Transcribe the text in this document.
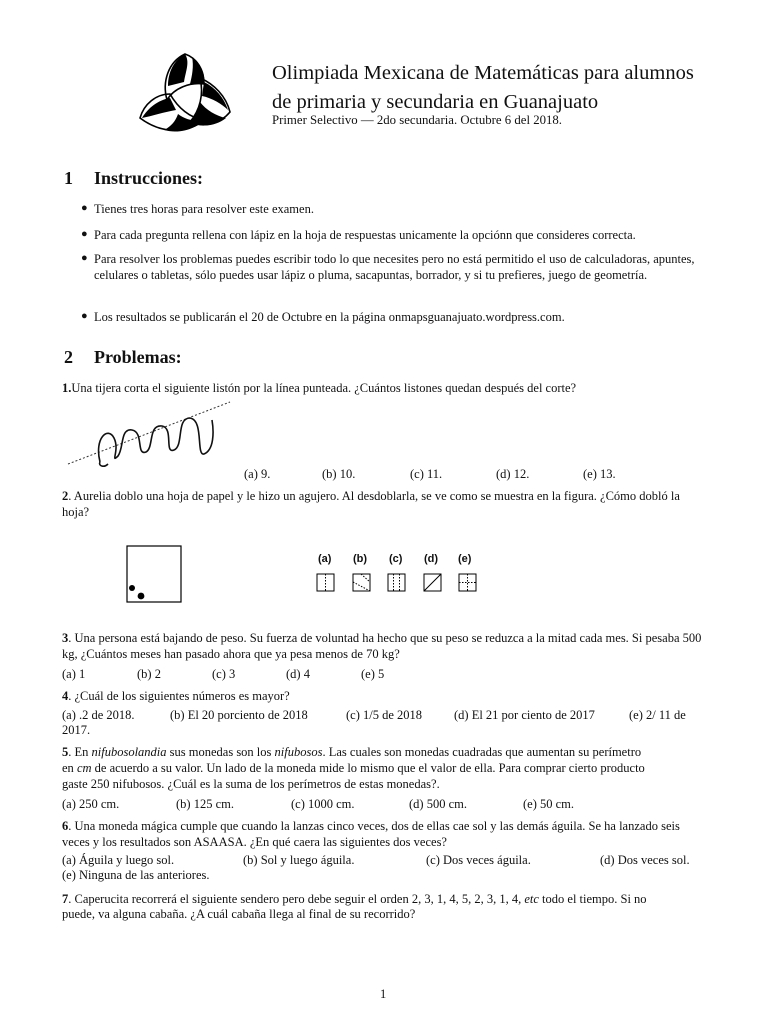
Olimpiada Mexicana de Matemáticas para alumnos
de primaria y secundaria en Guanajuato
Primer Selectivo — 2do secundaria. Octubre 6 del 2018.
1 Instrucciones:
● Tienes tres horas para resolver este examen.
● Para cada pregunta rellena con lápiz en la hoja de respuestas unicamente la opciónn que consideres correcta.
● Para resolver los problemas puedes escribir todo lo que necesites pero no está permitido el uso de calculadoras, apuntes, celulares o tabletas, sólo puedes usar lápiz o pluma, sacapuntas, borrador, y si tu prefieres, juego de geometría.
● Los resultados se publicarán el 20 de Octubre en la página onmapsguanajuato.wordpress.com.
2 Problemas:
1.Una tijera corta el siguiente listón por la línea punteada. ¿Cuántos listones quedan después del corte?
(a) 9.	(b) 10.	(c) 11.	(d) 12.	(e) 13.
2. Aurelia doblo una hoja de papel y le hizo un agujero. Al desdoblarla, se ve como se muestra en la figura. ¿Cómo dobló la hoja?
(a) (b) (c) (d) (e)
3. Una persona está bajando de peso. Su fuerza de voluntad ha hecho que su peso se reduzca a la mitad cada mes. Si pesaba 500 kg, ¿Cuántos meses han pasado ahora que ya pesa menos de 70 kg?
(a) 1	(b) 2	(c) 3	(d) 4	(e) 5
4. ¿Cuál de los siguientes números es mayor?
(a) .2 de 2018.	(b) El 20 porciento de 2018	(c) 1/5 de 2018	(d) El 21 por ciento de 2017	(e) 2/ 11 de
2017.
5. En nifubosolandia sus monedas son los nifubosos. Las cuales son monedas cuadradas que aumentan su perímetro
en cm de acuerdo a su valor. Un lado de la moneda mide lo mismo que el valor de ella. Para comprar cierto producto
gaste 250 nifubosos. ¿Cuál es la suma de los perímetros de estas monedas?.
(a) 250 cm.	(b) 125 cm.	(c) 1000 cm.	(d) 500 cm.	(e) 50 cm.
6. Una moneda mágica cumple que cuando la lanzas cinco veces, dos de ellas cae sol y las demás águila. Se ha lanzado seis veces y los resultados son ASAASA. ¿En qué caera las siguientes dos veces?
(a) Águila y luego sol.	(b) Sol y luego águila.	(c) Dos veces águila.	(d) Dos veces sol.
(e) Ninguna de las anteriores.
7. Caperucita recorrerá el siguiente sendero pero debe seguir el orden 2, 3, 1, 4, 5, 2, 3, 1, 4, etc todo el tiempo. Si no
puede, va alguna cabaña. ¿A cuál cabaña llega al final de su recorrido?
1
